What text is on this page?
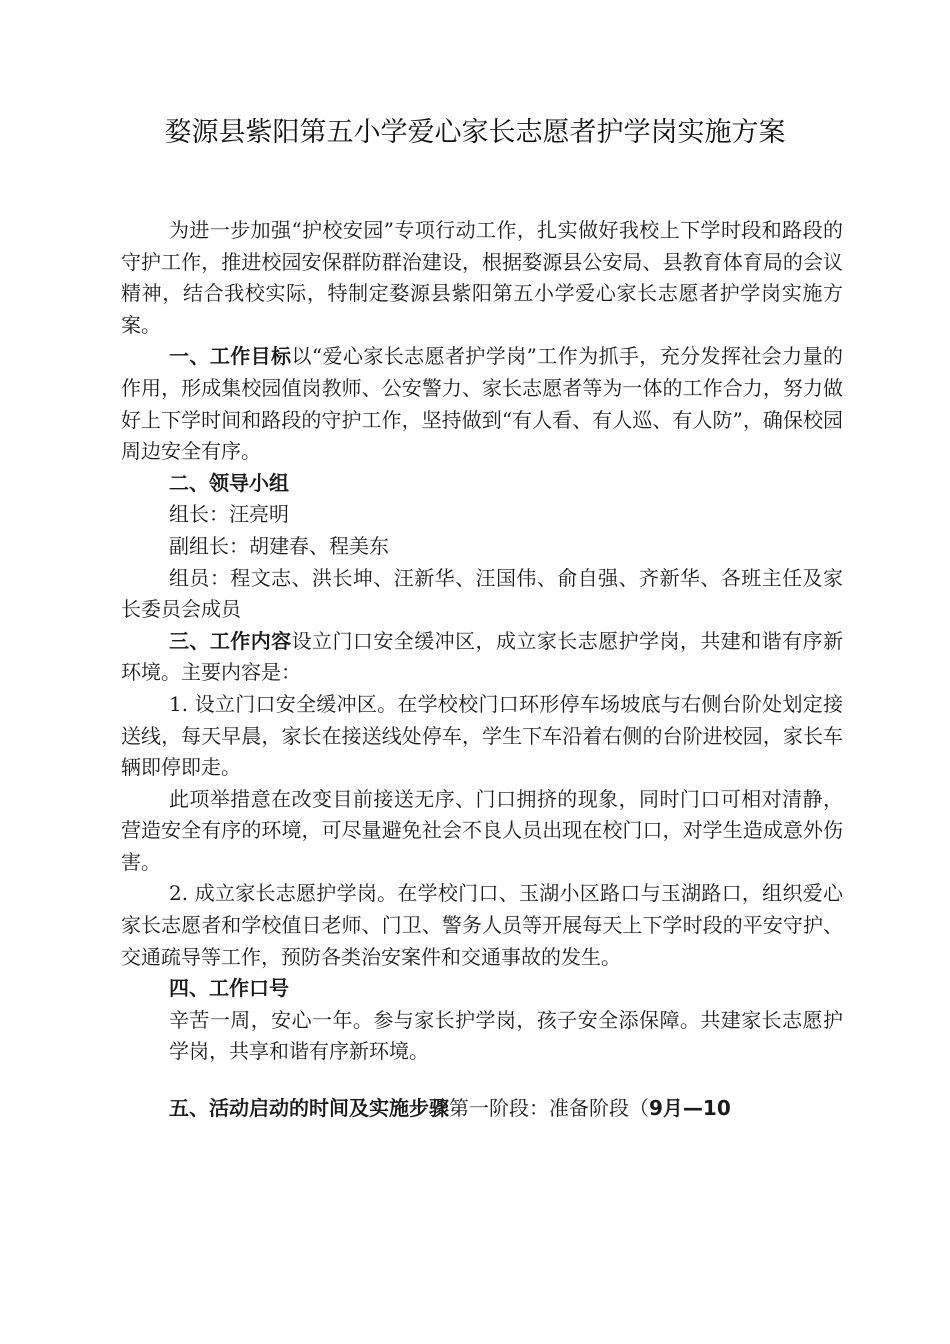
婺源县紫阳第五小学爱心家长志愿者护学岗实施方案

为进一步加强“护校安园”专项行动工作，扎实做好我校上下学时段和路段的守护工作，推进校园安保群防群治建设，根据婺源县公安局、县教育体育局的会议精神，结合我校实际，特制定婺源县紫阳第五小学爱心家长志愿者护学岗实施方案。

一、工作目标以“爱心家长志愿者护学岗”工作为抓手，充分发挥社会力量的作用，形成集校园值岗教师、公安警力、家长志愿者等为一体的工作合力，努力做好上下学时间和路段的守护工作，坚持做到“有人看、有人巡、有人防”，确保校园周边安全有序。

二、领导小组

组长：汪亮明

副组长：胡建春、程美东

组员：程文志、洪长坤、汪新华、汪国伟、俞自强、齐新华、各班主任及家长委员会成员

三、工作内容设立门口安全缓冲区，成立家长志愿护学岗，共建和谐有序新环境。主要内容是：

1. 设立门口安全缓冲区。在学校校门口环形停车场坡底与右侧台阶处划定接送线，每天早晨，家长在接送线处停车，学生下车沿着右侧的台阶进校园，家长车辆即停即走。

此项举措意在改变目前接送无序、门口拥挤的现象，同时门口可相对清静，营造安全有序的环境，可尽量避免社会不良人员出现在校门口，对学生造成意外伤害。

2. 成立家长志愿护学岗。在学校门口、玉湖小区路口与玉湖路口，组织爱心家长志愿者和学校值日老师、门卫、警务人员等开展每天上下学时段的平安守护、交通疏导等工作，预防各类治安案件和交通事故的发生。

四、工作口号

辛苦一周，安心一年。参与家长护学岗，孩子安全添保障。共建家长志愿护学岗，共享和谐有序新环境。

五、活动启动的时间及实施步骤第一阶段：准备阶段（9月—10
